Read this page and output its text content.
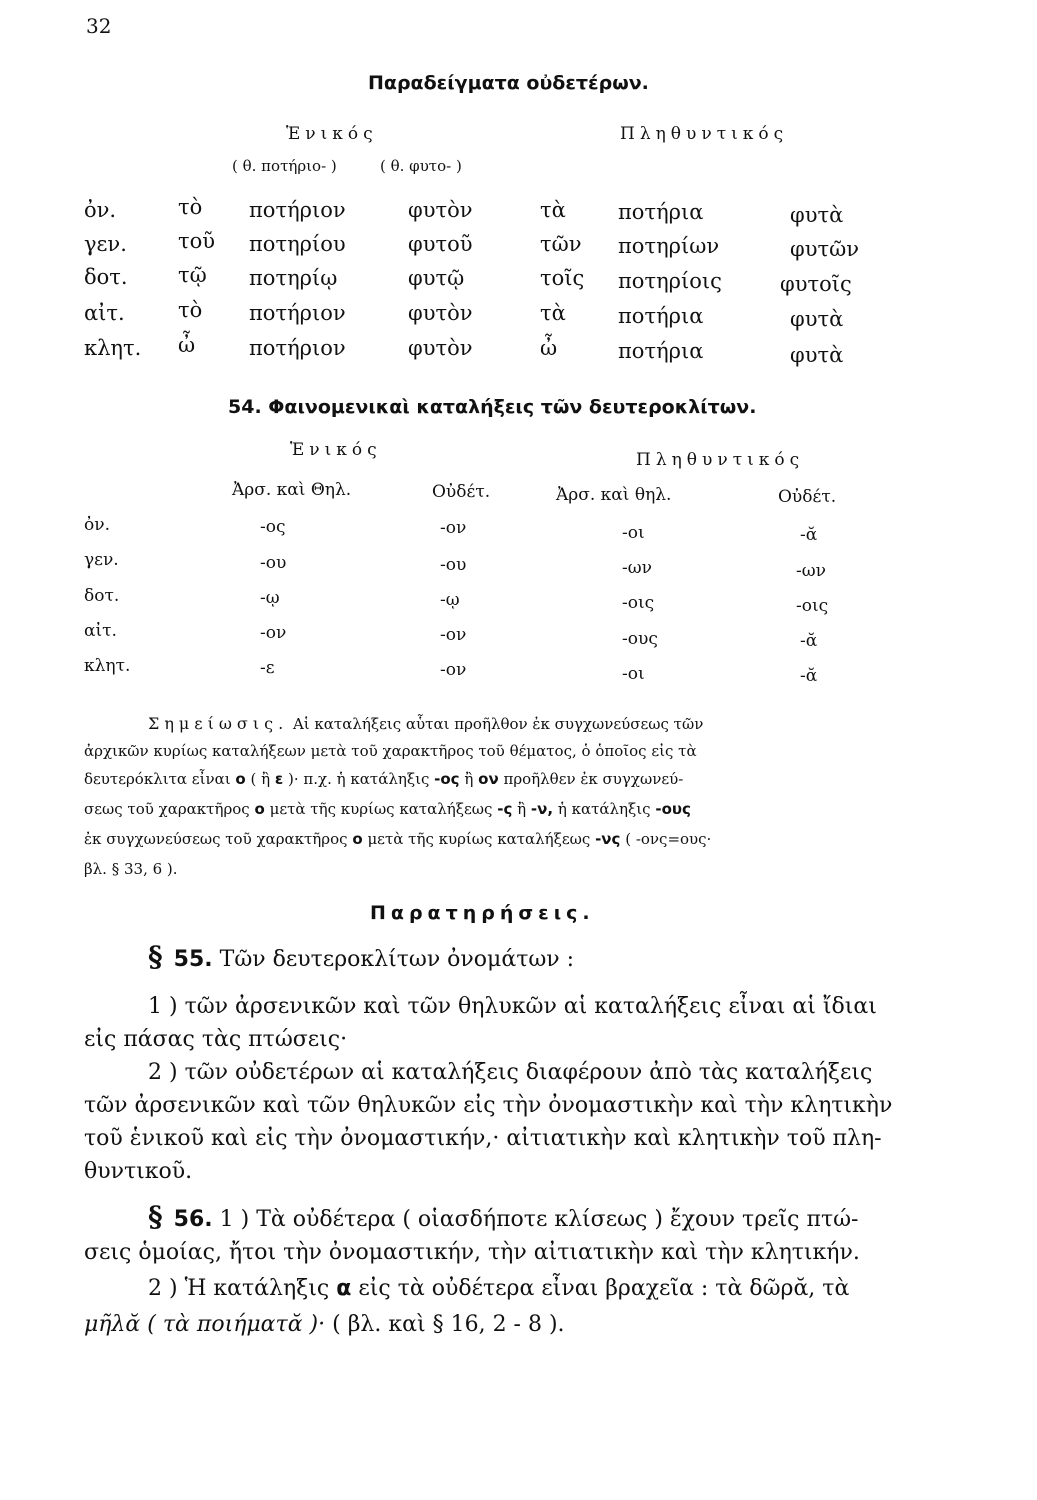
32
Παραδείγματα οὐδετέρων.
Ἑνικός	Πληθυντικός
( θ. ποτήριο- )	( θ. φυτο- )
ὀν.	τὸ ποτήριον	φυτὸν	τὰ ποτήρια	φυτὰ
γεν. τοῦ ποτηρίου	φυτοῦ	τῶν ποτηρίων	φυτῶν
δοτ. τῷ ποτηρίῳ	φυτῷ	τοῖς ποτηρίοις	φυτοῖς
αἰτ.	τὸ ποτήριον	φυτὸν	τὰ ποτήρια	φυτὰ
κλητ. ὦ	ποτήριον	φυτὸν	ὦ	ποτήρια	φυτὰ
54. Φαινομενικαὶ καταλήξεις τῶν δευτεροκλίτων.
Ἑνικός	Πληθυντικός
Ἀρσ. καὶ Θηλ.	Οὐδέτ.	Ἀρσ. καὶ θηλ.	Οὐδέτ.
ὀν.	-ος	-ον	-οι	-ᾰ
γεν.	-ου	-ου	-ων	-ων
δοτ.	-ῳ	-ῳ	-οις	-οις
αἰτ.	-ον	-ον	-ους	-ᾰ
κλητ.	-ε	-ον	-οι	-ᾰ
Σημείωσις. Αἱ καταλήξεις αὗται προῆλθον ἐκ συγχωνεύσεως τῶν
ἀρχικῶν κυρίως καταλήξεων μετὰ τοῦ χαρακτῆρος τοῦ θέματος, ὁ ὁποῖος εἰς τὰ
δευτερόκλιτα εἶναι ο ( ἢ ε )· π.χ. ἡ κατάληξις -ος ἢ ον προῆλθεν ἐκ συγχωνεύ-
σεως τοῦ χαρακτῆρος ο μετὰ τῆς κυρίως καταλήξεως -ς ἢ -ν, ἡ κατάληξις -ους
ἐκ συγχωνεύσεως τοῦ χαρακτῆρος ο μετὰ τῆς κυρίως καταλήξεως -νς ( -ονς=ους·
βλ. § 33, 6 ).
Παρατηρήσεις.
§ 55. Τῶν δευτεροκλίτων ὀνομάτων :
1 ) τῶν ἀρσενικῶν καὶ τῶν θηλυκῶν αἱ καταλήξεις εἶναι αἱ ἴδιαι
εἰς πάσας τὰς πτώσεις·
2 ) τῶν οὐδετέρων αἱ καταλήξεις διαφέρουν ἀπὸ τὰς καταλήξεις
τῶν ἀρσενικῶν καὶ τῶν θηλυκῶν εἰς τὴν ὀνομαστικὴν καὶ τὴν κλητικὴν
τοῦ ἑνικοῦ καὶ εἰς τὴν ὀνομαστικήν,· αἰτιατικὴν καὶ κλητικὴν τοῦ πλη-
θυντικοῦ.
§ 56. 1 ) Τὰ οὐδέτερα ( οἱασδήποτε κλίσεως ) ἔχουν τρεῖς πτώ-
σεις ὁμοίας, ἤτοι τὴν ὀνομαστικήν, τὴν αἰτιατικὴν καὶ τὴν κλητικήν.
2 ) Ἡ κατάληξις α εἰς τὰ οὐδέτερα εἶναι βραχεῖα : τὰ δῶρᾰ, τὰ
μῆλᾰ ( τὰ ποιήματᾰ )· ( βλ. καὶ § 16, 2 - 8 ).
